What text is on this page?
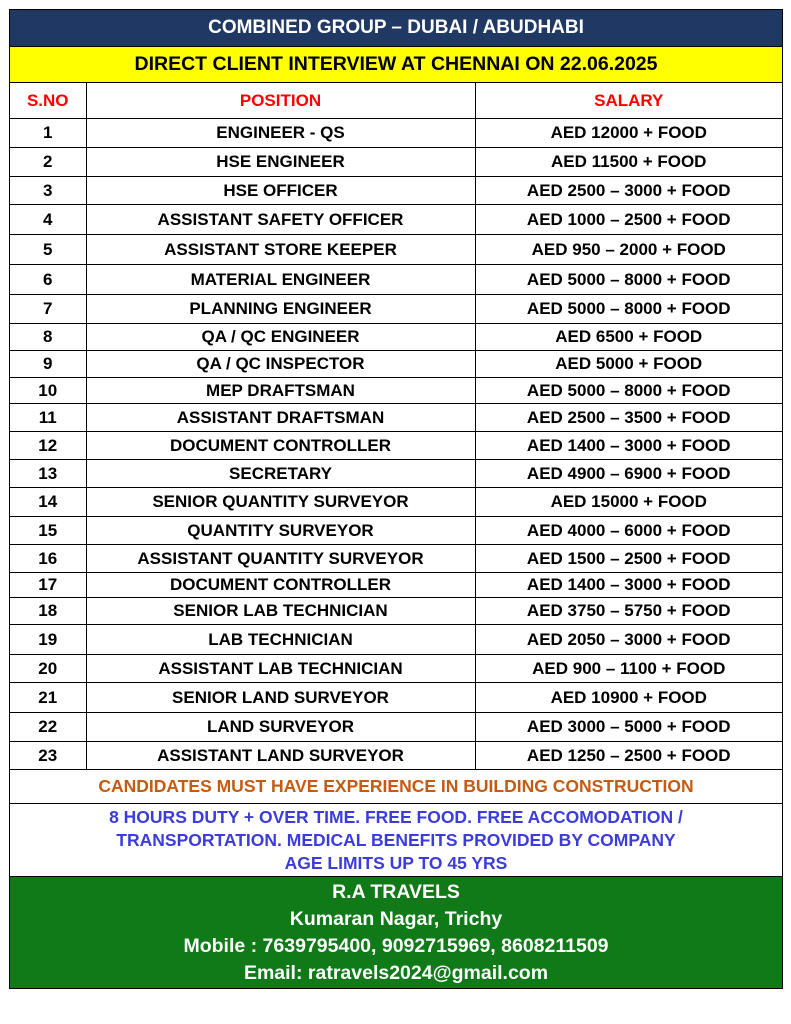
COMBINED GROUP – DUBAI / ABUDHABI
DIRECT CLIENT INTERVIEW AT CHENNAI ON 22.06.2025
S.NO	POSITION	SALARY
1	ENGINEER - QS	AED 12000 + FOOD
2	HSE ENGINEER	AED 11500 + FOOD
3	HSE OFFICER	AED 2500 – 3000 + FOOD
4	ASSISTANT SAFETY OFFICER	AED 1000 – 2500 + FOOD
5	ASSISTANT STORE KEEPER	AED 950 – 2000 + FOOD
6	MATERIAL ENGINEER	AED 5000 – 8000 + FOOD
7	PLANNING ENGINEER	AED 5000 – 8000 + FOOD
8	QA / QC ENGINEER	AED 6500 + FOOD
9	QA / QC INSPECTOR	AED 5000 + FOOD
10	MEP DRAFTSMAN	AED 5000 – 8000 + FOOD
11	ASSISTANT DRAFTSMAN	AED 2500 – 3500 + FOOD
12	DOCUMENT CONTROLLER	AED 1400 – 3000 + FOOD
13	SECRETARY	AED 4900 – 6900 + FOOD
14	SENIOR QUANTITY SURVEYOR	AED 15000 + FOOD
15	QUANTITY SURVEYOR	AED 4000 – 6000 + FOOD
16	ASSISTANT QUANTITY SURVEYOR	AED 1500 – 2500 + FOOD
17	DOCUMENT CONTROLLER	AED 1400 – 3000 + FOOD
18	SENIOR LAB TECHNICIAN	AED 3750 – 5750 + FOOD
19	LAB TECHNICIAN	AED 2050 – 3000 + FOOD
20	ASSISTANT LAB TECHNICIAN	AED 900 – 1100 + FOOD
21	SENIOR LAND SURVEYOR	AED 10900 + FOOD
22	LAND SURVEYOR	AED 3000 – 5000 + FOOD
23	ASSISTANT LAND SURVEYOR	AED 1250 – 2500 + FOOD
CANDIDATES MUST HAVE EXPERIENCE IN BUILDING CONSTRUCTION
8 HOURS DUTY + OVER TIME. FREE FOOD. FREE ACCOMODATION /
TRANSPORTATION. MEDICAL BENEFITS PROVIDED BY COMPANY
AGE LIMITS UP TO 45 YRS
R.A TRAVELS
Kumaran Nagar, Trichy
Mobile : 7639795400, 9092715969, 8608211509
Email: ratravels2024@gmail.com
